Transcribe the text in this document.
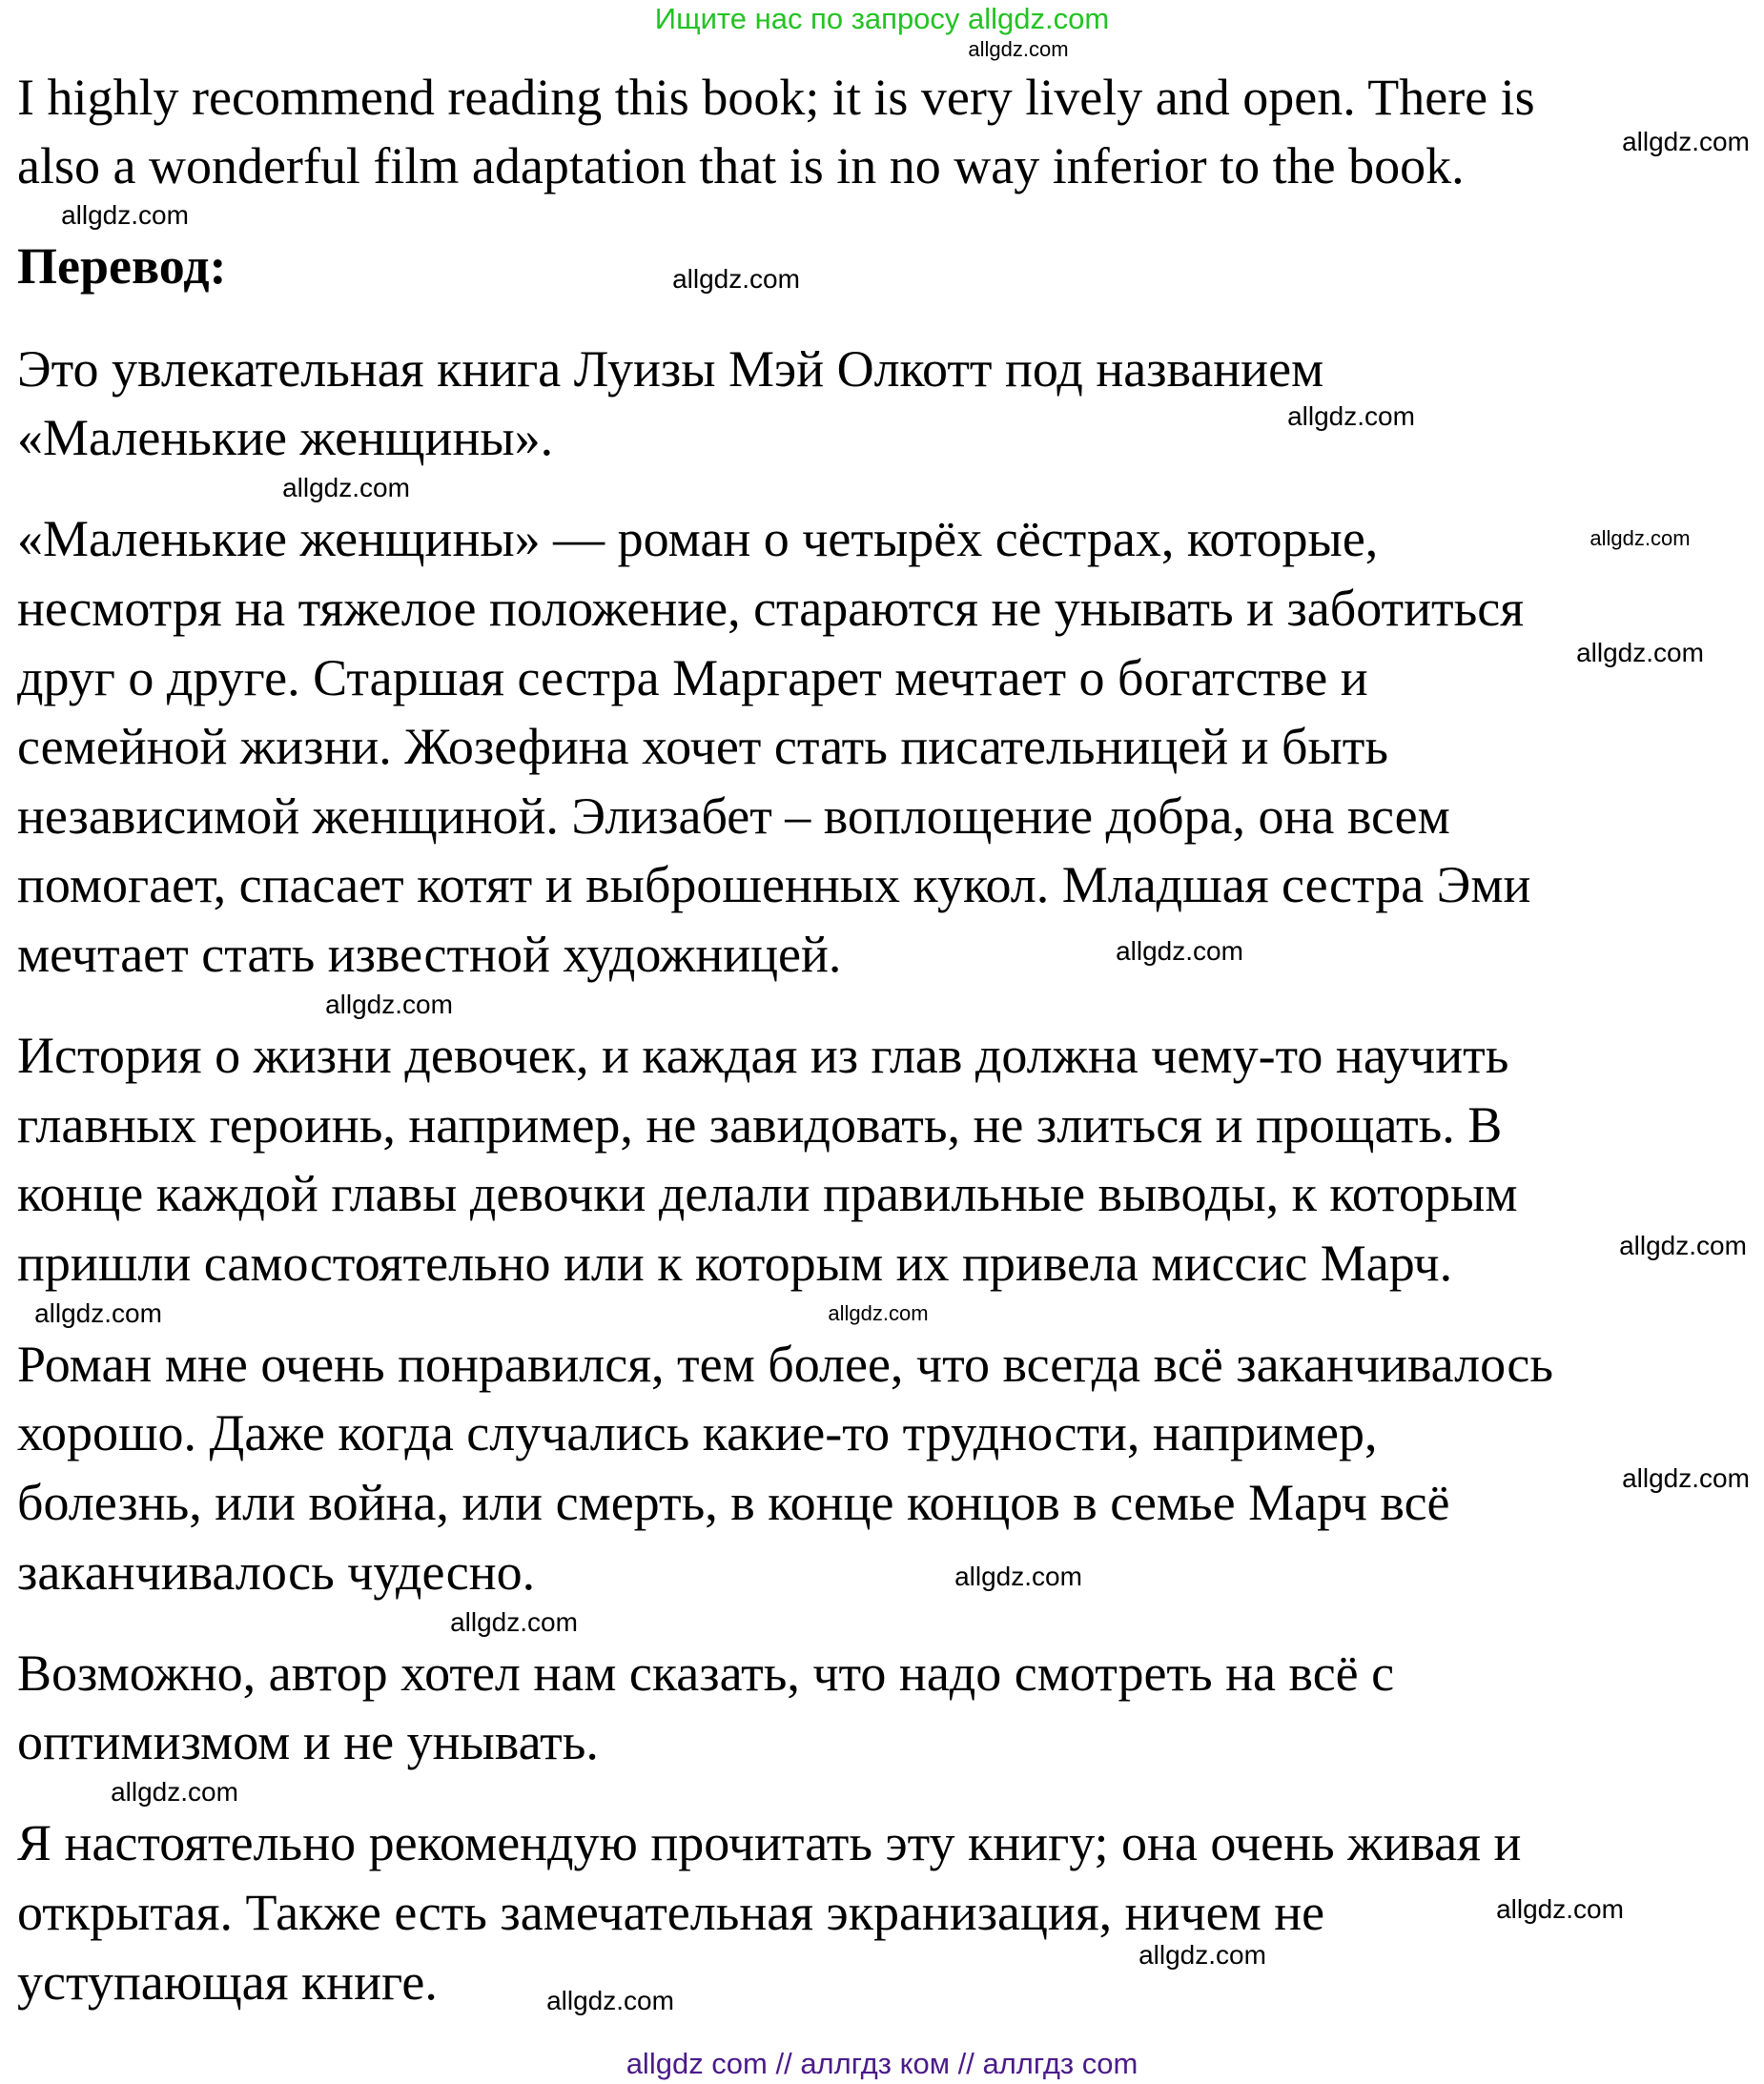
Ищите нас по запросу allgdz.com
I highly recommend reading this book; it is very lively and open. There is
also a wonderful film adaptation that is in no way inferior to the book.
Перевод:
Это увлекательная книга Луизы Мэй Олкотт под названием
«Маленькие женщины».
«Маленькие женщины» — роман о четырёх сёстрах, которые,
несмотря на тяжелое положение, стараются не унывать и заботиться
друг о друге. Старшая сестра Маргарет мечтает о богатстве и
семейной жизни. Жозефина хочет стать писательницей и быть
независимой женщиной. Элизабет – воплощение добра, она всем
помогает, спасает котят и выброшенных кукол. Младшая сестра Эми
мечтает стать известной художницей.
История о жизни девочек, и каждая из глав должна чему-то научить
главных героинь, например, не завидовать, не злиться и прощать. В
конце каждой главы девочки делали правильные выводы, к которым
пришли самостоятельно или к которым их привела миссис Марч.
Роман мне очень понравился, тем более, что всегда всё заканчивалось
хорошо. Даже когда случались какие-то трудности, например,
болезнь, или война, или смерть, в конце концов в семье Марч всё
заканчивалось чудесно.
Возможно, автор хотел нам сказать, что надо смотреть на всё с
оптимизмом и не унывать.
Я настоятельно рекомендую прочитать эту книгу; она очень живая и
открытая. Также есть замечательная экранизация, ничем не
уступающая книге.
allgdz.com
allgdz.com
allgdz.com
allgdz.com
allgdz.com
allgdz.com
allgdz.com
allgdz.com
allgdz.com
allgdz.com
allgdz.com
allgdz.com
allgdz.com
allgdz.com
allgdz.com
allgdz.com
allgdz.com
allgdz.com
allgdz.com
allgdz.com
allgdz com // аллгдз ком // аллгдз com
